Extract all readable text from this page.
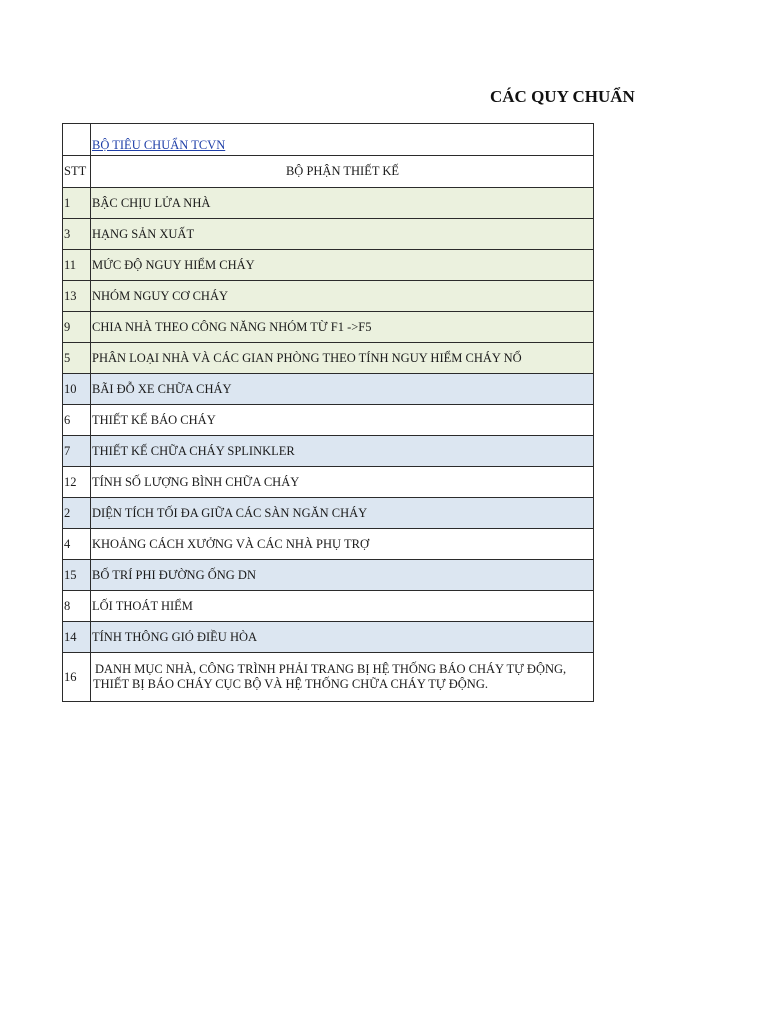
CÁC QUY CHUẨN
	BỘ TIÊU CHUẨN TCVN
STT	BỘ PHẬN THIẾT KẾ
1	BẬC CHỊU LỬA NHÀ
3	HẠNG SẢN XUẤT
11	MỨC ĐỘ NGUY HIỂM CHÁY
13	NHÓM NGUY CƠ CHÁY
9	CHIA NHÀ THEO CÔNG NĂNG NHÓM TỪ F1 ->F5
5	PHÂN LOẠI NHÀ VÀ CÁC GIAN PHÒNG THEO TÍNH NGUY HIỂM CHÁY NỔ
10	BÃI ĐỖ XE CHỮA CHÁY
6	THIẾT KẾ BÁO CHÁY
7	THIẾT KẾ CHỮA CHÁY SPLINKLER
12	TÍNH SỐ LƯỢNG BÌNH CHỮA CHÁY
2	DIỆN TÍCH TỐI ĐA GIỮA CÁC SÀN NGĂN CHÁY
4	KHOẢNG CÁCH XƯỞNG VÀ CÁC NHÀ PHỤ TRỢ
15	BỐ TRÍ PHI ĐƯỜNG ỐNG DN
8	LỐI THOÁT HIỂM
14	TÍNH THÔNG GIÓ ĐIỀU HÒA
16	DANH MỤC NHÀ, CÔNG TRÌNH PHẢI TRANG BỊ HỆ THỐNG BÁO CHÁY TỰ ĐỘNG,
THIẾT BỊ BÁO CHÁY CỤC BỘ VÀ HỆ THỐNG CHỮA CHÁY TỰ ĐỘNG.
